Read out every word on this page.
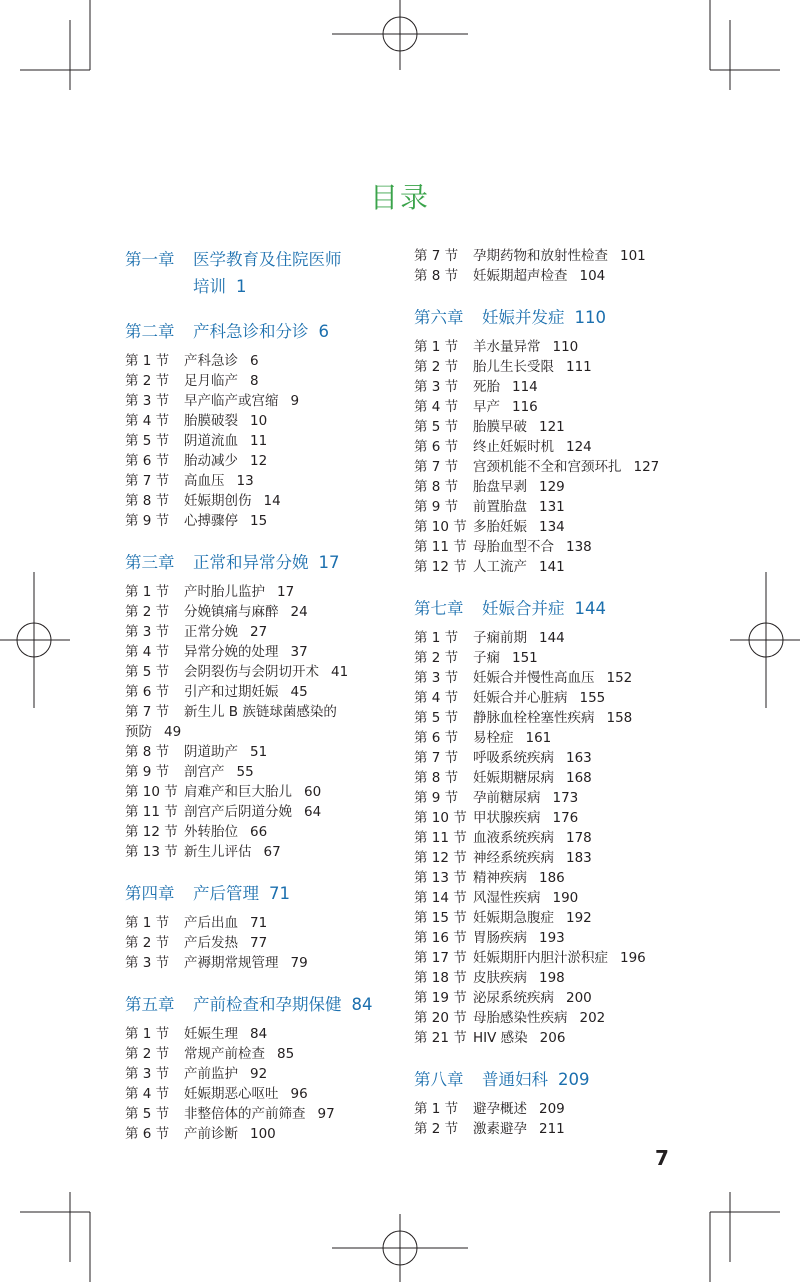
目录
第一章 医学教育及住院医师
培训 1
第二章 产科急诊和分诊 6
第 1 节 产科急诊 6
第 2 节 足月临产 8
第 3 节 早产临产或宫缩 9
第 4 节 胎膜破裂 10
第 5 节 阴道流血 11
第 6 节 胎动减少 12
第 7 节 高血压 13
第 8 节 妊娠期创伤 14
第 9 节 心搏骤停 15
第三章 正常和异常分娩 17
第 1 节 产时胎儿监护 17
第 2 节 分娩镇痛与麻醉 24
第 3 节 正常分娩 27
第 4 节 异常分娩的处理 37
第 5 节 会阴裂伤与会阴切开术 41
第 6 节 引产和过期妊娠 45
第 7 节 新生儿 B 族链球菌感染的
预防 49
第 8 节 阴道助产 51
第 9 节 剖宫产 55
第 10 节 肩难产和巨大胎儿 60
第 11 节 剖宫产后阴道分娩 64
第 12 节 外转胎位 66
第 13 节 新生儿评估 67
第四章 产后管理 71
第 1 节 产后出血 71
第 2 节 产后发热 77
第 3 节 产褥期常规管理 79
第五章 产前检查和孕期保健 84
第 1 节 妊娠生理 84
第 2 节 常规产前检查 85
第 3 节 产前监护 92
第 4 节 妊娠期恶心呕吐 96
第 5 节 非整倍体的产前筛查 97
第 6 节 产前诊断 100
第 7 节 孕期药物和放射性检查 101
第 8 节 妊娠期超声检查 104
第六章 妊娠并发症 110
第 1 节 羊水量异常 110
第 2 节 胎儿生长受限 111
第 3 节 死胎 114
第 4 节 早产 116
第 5 节 胎膜早破 121
第 6 节 终止妊娠时机 124
第 7 节 宫颈机能不全和宫颈环扎 127
第 8 节 胎盘早剥 129
第 9 节 前置胎盘 131
第 10 节 多胎妊娠 134
第 11 节 母胎血型不合 138
第 12 节 人工流产 141
第七章 妊娠合并症 144
第 1 节 子痫前期 144
第 2 节 子痫 151
第 3 节 妊娠合并慢性高血压 152
第 4 节 妊娠合并心脏病 155
第 5 节 静脉血栓栓塞性疾病 158
第 6 节 易栓症 161
第 7 节 呼吸系统疾病 163
第 8 节 妊娠期糖尿病 168
第 9 节 孕前糖尿病 173
第 10 节 甲状腺疾病 176
第 11 节 血液系统疾病 178
第 12 节 神经系统疾病 183
第 13 节 精神疾病 186
第 14 节 风湿性疾病 190
第 15 节 妊娠期急腹症 192
第 16 节 胃肠疾病 193
第 17 节 妊娠期肝内胆汁淤积症 196
第 18 节 皮肤疾病 198
第 19 节 泌尿系统疾病 200
第 20 节 母胎感染性疾病 202
第 21 节 HIV 感染 206
第八章 普通妇科 209
第 1 节 避孕概述 209
第 2 节 激素避孕 211
7
